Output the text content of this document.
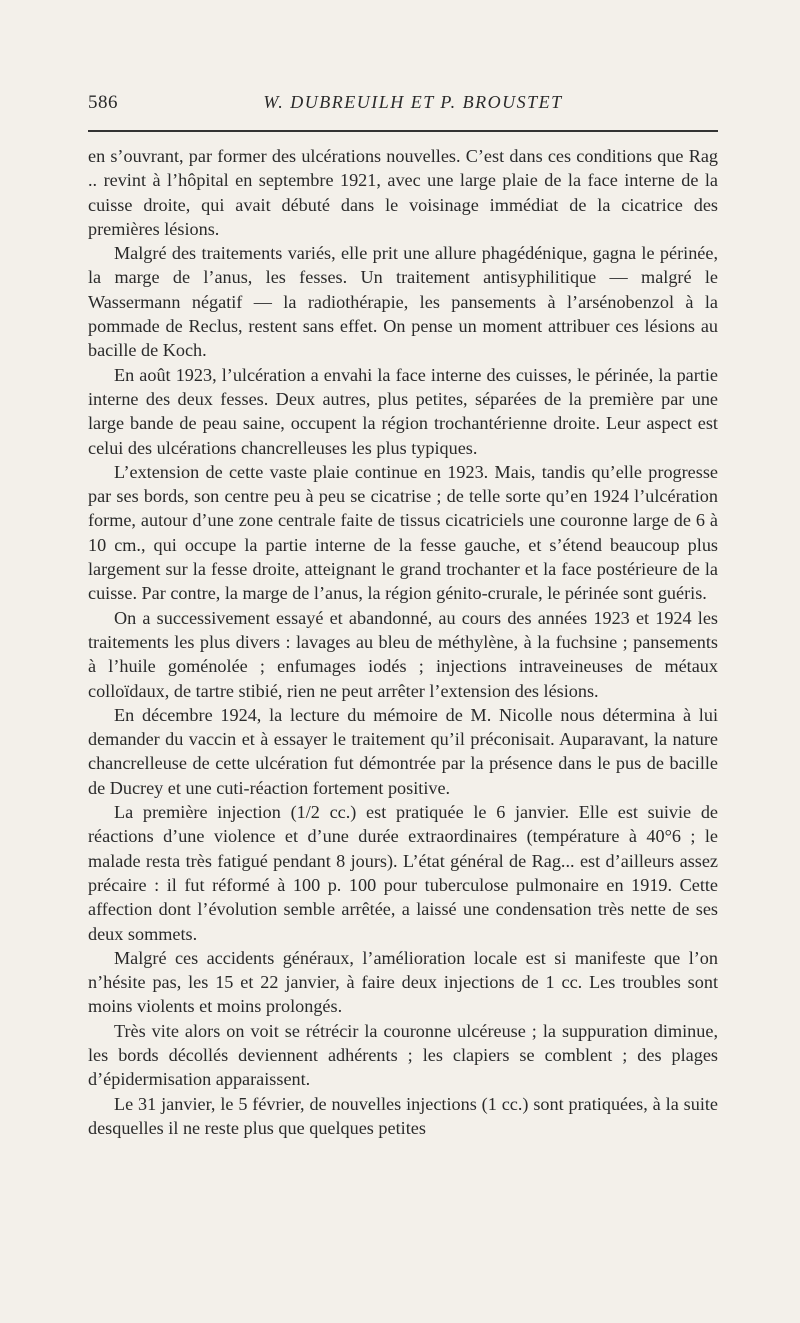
586	W. DUBREUILH ET P. BROUSTET

en s’ouvrant, par former des ulcérations nouvelles. C’est dans ces conditions que Rag .. revint à l’hôpital en septembre 1921, avec une large plaie de la face interne de la cuisse droite, qui avait débuté dans le voisinage immédiat de la cicatrice des premières lésions.

Malgré des traitements variés, elle prit une allure phagédénique, gagna le périnée, la marge de l’anus, les fesses. Un traitement antisyphilitique — malgré le Wassermann négatif — la radiothérapie, les pansements à l’arsénobenzol à la pommade de Reclus, restent sans effet. On pense un moment attribuer ces lésions au bacille de Koch.

En août 1923, l’ulcération a envahi la face interne des cuisses, le périnée, la partie interne des deux fesses. Deux autres, plus petites, séparées de la première par une large bande de peau saine, occupent la région trochantérienne droite. Leur aspect est celui des ulcérations chancrelleuses les plus typiques.

L’extension de cette vaste plaie continue en 1923. Mais, tandis qu’elle progresse par ses bords, son centre peu à peu se cicatrise ; de telle sorte qu’en 1924 l’ulcération forme, autour d’une zone centrale faite de tissus cicatriciels une couronne large de 6 à 10 cm., qui occupe la partie interne de la fesse gauche, et s’étend beaucoup plus largement sur la fesse droite, atteignant le grand trochanter et la face postérieure de la cuisse. Par contre, la marge de l’anus, la région génito-crurale, le périnée sont guéris.

On a successivement essayé et abandonné, au cours des années 1923 et 1924 les traitements les plus divers : lavages au bleu de méthylène, à la fuchsine ; pansements à l’huile goménolée ; enfumages iodés ; injections intraveineuses de métaux colloïdaux, de tartre stibié, rien ne peut arrêter l’extension des lésions.

En décembre 1924, la lecture du mémoire de M. Nicolle nous détermina à lui demander du vaccin et à essayer le traitement qu’il préconisait. Auparavant, la nature chancrelleuse de cette ulcération fut démontrée par la présence dans le pus de bacille de Ducrey et une cuti-réaction fortement positive.

La première injection (1/2 cc.) est pratiquée le 6 janvier. Elle est suivie de réactions d’une violence et d’une durée extraordinaires (température à 40°6 ; le malade resta très fatigué pendant 8 jours). L’état général de Rag... est d’ailleurs assez précaire : il fut réformé à 100 p. 100 pour tuberculose pulmonaire en 1919. Cette affection dont l’évolution semble arrêtée, a laissé une condensation très nette de ses deux sommets.

Malgré ces accidents généraux, l’amélioration locale est si manifeste que l’on n’hésite pas, les 15 et 22 janvier, à faire deux injections de 1 cc. Les troubles sont moins violents et moins prolongés.

Très vite alors on voit se rétrécir la couronne ulcéreuse ; la suppuration diminue, les bords décollés deviennent adhérents ; les clapiers se comblent ; des plages d’épidermisation apparaissent.

Le 31 janvier, le 5 février, de nouvelles injections (1 cc.) sont pratiquées, à la suite desquelles il ne reste plus que quelques petites
